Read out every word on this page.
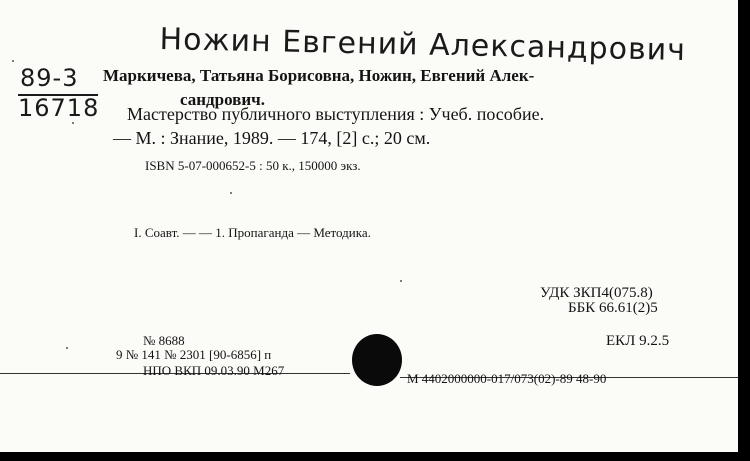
Ножин Евгений Александрович
89-3
16718
Маркичева, Татьяна Борисовна, Ножин, Евгений Алек-
сандрович.
Мастерство публичного выступления : Учеб. пособие.
— М. : Знание, 1989. — 174, [2] с.; 20 см.
ISBN 5-07-000652-5 : 50 к., 150000 экз.
I. Соавт. — — 1. Пропаганда — Методика.
УДК ЗКП4(075.8)
ББК 66.61(2)5
ЕКЛ 9.2.5
№ 8688
9 № 141 № 2301 [90-6856] п
НПО ВКП 09.03.90 М267
М 4402000000-017/073(02)-89 48-90
